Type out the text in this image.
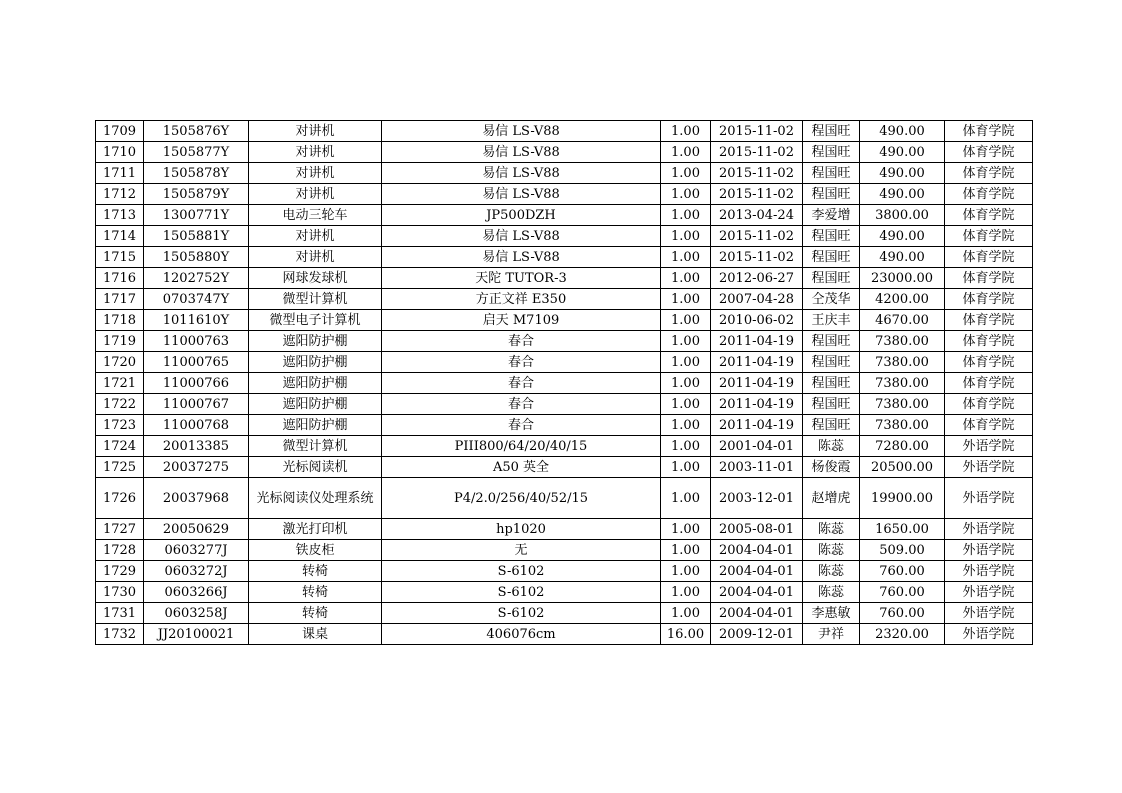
1709	1505876Y	对讲机	易信 LS-V88	1.00	2015-11-02	程国旺	490.00	体育学院
1710	1505877Y	对讲机	易信 LS-V88	1.00	2015-11-02	程国旺	490.00	体育学院
1711	1505878Y	对讲机	易信 LS-V88	1.00	2015-11-02	程国旺	490.00	体育学院
1712	1505879Y	对讲机	易信 LS-V88	1.00	2015-11-02	程国旺	490.00	体育学院
1713	1300771Y	电动三轮车	JP500DZH	1.00	2013-04-24	李爱增	3800.00	体育学院
1714	1505881Y	对讲机	易信 LS-V88	1.00	2015-11-02	程国旺	490.00	体育学院
1715	1505880Y	对讲机	易信 LS-V88	1.00	2015-11-02	程国旺	490.00	体育学院
1716	1202752Y	网球发球机	天陀 TUTOR-3	1.00	2012-06-27	程国旺	23000.00	体育学院
1717	0703747Y	微型计算机	方正文祥 E350	1.00	2007-04-28	仝茂华	4200.00	体育学院
1718	1011610Y	微型电子计算机	启天 M7109	1.00	2010-06-02	王庆丰	4670.00	体育学院
1719	11000763	遮阳防护棚	春合	1.00	2011-04-19	程国旺	7380.00	体育学院
1720	11000765	遮阳防护棚	春合	1.00	2011-04-19	程国旺	7380.00	体育学院
1721	11000766	遮阳防护棚	春合	1.00	2011-04-19	程国旺	7380.00	体育学院
1722	11000767	遮阳防护棚	春合	1.00	2011-04-19	程国旺	7380.00	体育学院
1723	11000768	遮阳防护棚	春合	1.00	2011-04-19	程国旺	7380.00	体育学院
1724	20013385	微型计算机	PIII800/64/20/40/15	1.00	2001-04-01	陈蕊	7280.00	外语学院
1725	20037275	光标阅读机	A50 英全	1.00	2003-11-01	杨俊霞	20500.00	外语学院
1726	20037968	光标阅读仪处理系统	P4/2.0/256/40/52/15	1.00	2003-12-01	赵增虎	19900.00	外语学院
1727	20050629	激光打印机	hp1020	1.00	2005-08-01	陈蕊	1650.00	外语学院
1728	0603277J	铁皮柜	无	1.00	2004-04-01	陈蕊	509.00	外语学院
1729	0603272J	转椅	S-6102	1.00	2004-04-01	陈蕊	760.00	外语学院
1730	0603266J	转椅	S-6102	1.00	2004-04-01	陈蕊	760.00	外语学院
1731	0603258J	转椅	S-6102	1.00	2004-04-01	李惠敏	760.00	外语学院
1732	JJ20100021	课桌	406076cm	16.00	2009-12-01	尹祥	2320.00	外语学院
